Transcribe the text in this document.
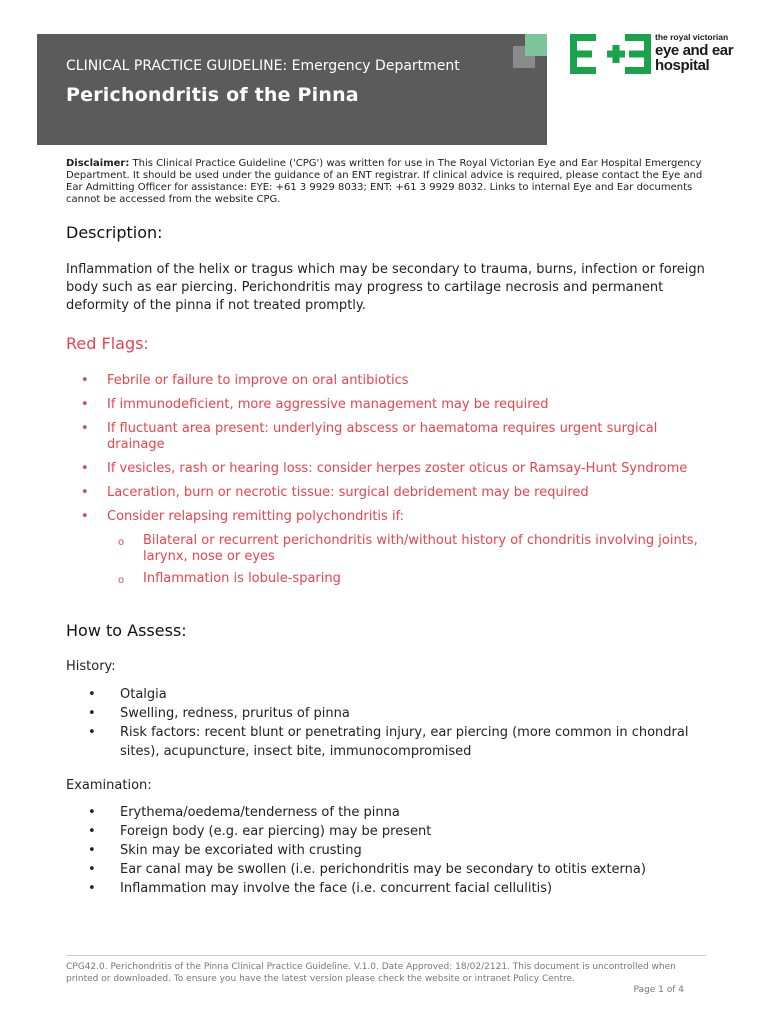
CLINICAL PRACTICE GUIDELINE: Emergency Department
Perichondritis of the Pinna
the royal victorian
eye and ear
hospital
Disclaimer: This Clinical Practice Guideline ('CPG') was written for use in The Royal Victorian Eye and Ear Hospital Emergency Department. It should be used under the guidance of an ENT registrar. If clinical advice is required, please contact the Eye and Ear Admitting Officer for assistance: EYE: +61 3 9929 8033; ENT: +61 3 9929 8032. Links to internal Eye and Ear documents cannot be accessed from the website CPG.
Description:
Inflammation of the helix or tragus which may be secondary to trauma, burns, infection or foreign body such as ear piercing. Perichondritis may progress to cartilage necrosis and permanent deformity of the pinna if not treated promptly.
Red Flags:
• Febrile or failure to improve on oral antibiotics
• If immunodeficient, more aggressive management may be required
• If fluctuant area present: underlying abscess or haematoma requires urgent surgical drainage
• If vesicles, rash or hearing loss: consider herpes zoster oticus or Ramsay-Hunt Syndrome
• Laceration, burn or necrotic tissue: surgical debridement may be required
• Consider relapsing remitting polychondritis if:
o Bilateral or recurrent perichondritis with/without history of chondritis involving joints, larynx, nose or eyes
o Inflammation is lobule-sparing
How to Assess:
History:
• Otalgia
• Swelling, redness, pruritus of pinna
• Risk factors: recent blunt or penetrating injury, ear piercing (more common in chondral sites), acupuncture, insect bite, immunocompromised
Examination:
• Erythema/oedema/tenderness of the pinna
• Foreign body (e.g. ear piercing) may be present
• Skin may be excoriated with crusting
• Ear canal may be swollen (i.e. perichondritis may be secondary to otitis externa)
• Inflammation may involve the face (i.e. concurrent facial cellulitis)
CPG42.0. Perichondritis of the Pinna Clinical Practice Guideline. V.1.0. Date Approved: 18/02/2121. This document is uncontrolled when printed or downloaded. To ensure you have the latest version please check the website or intranet Policy Centre.
Page 1 of 4
